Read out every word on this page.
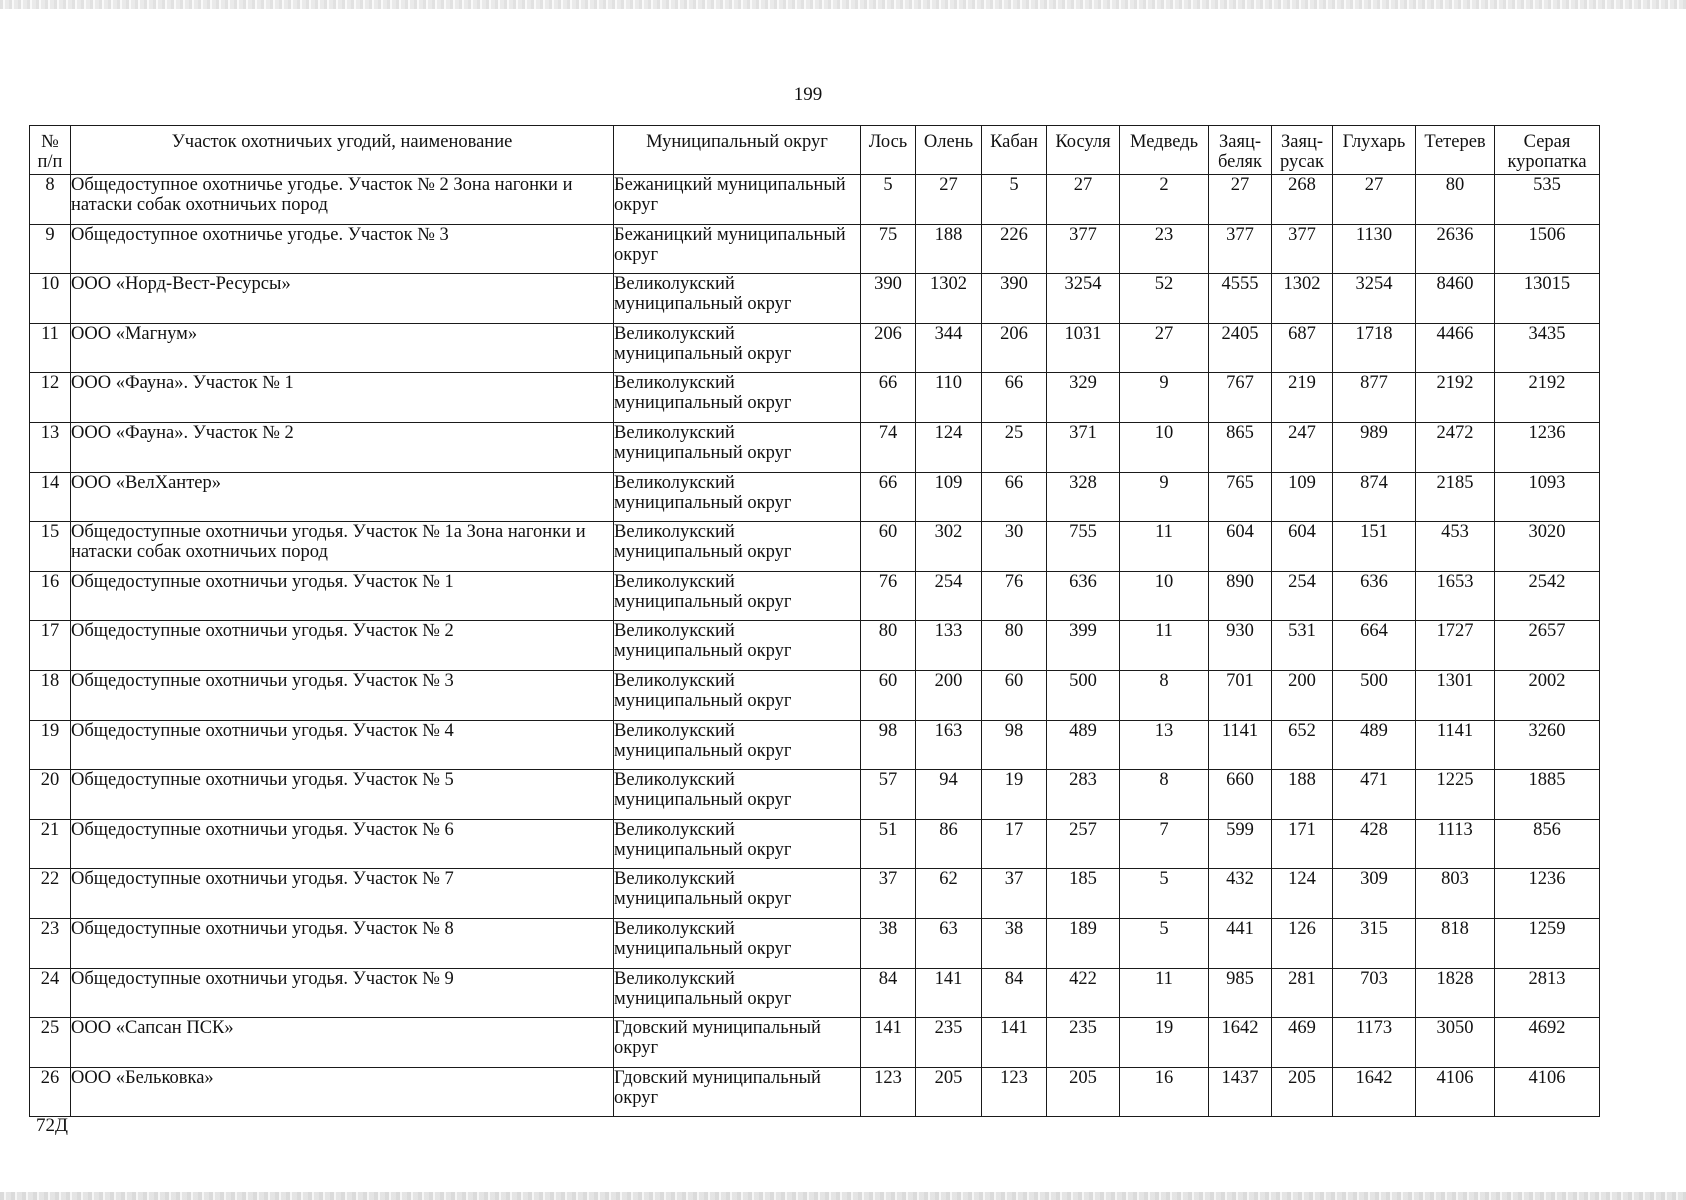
199
№ п/п	Участок охотничьих угодий, наименование	Муниципальный округ	Лось	Олень	Кабан	Косуля	Медведь	Заяц-беляк	Заяц-русак	Глухарь	Тетерев	Серая куропатка
8	Общедоступное охотничье угодье. Участок № 2 Зона нагонки и натаски собак охотничьих пород	Бежаницкий муниципальный округ	5	27	5	27	2	27	268	27	80	535
9	Общедоступное охотничье угодье. Участок № 3	Бежаницкий муниципальный округ	75	188	226	377	23	377	377	1130	2636	1506
10	ООО «Норд-Вест-Ресурсы»	Великолукский муниципальный округ	390	1302	390	3254	52	4555	1302	3254	8460	13015
11	ООО «Магнум»	Великолукский муниципальный округ	206	344	206	1031	27	2405	687	1718	4466	3435
12	ООО «Фауна». Участок № 1	Великолукский муниципальный округ	66	110	66	329	9	767	219	877	2192	2192
13	ООО «Фауна». Участок № 2	Великолукский муниципальный округ	74	124	25	371	10	865	247	989	2472	1236
14	ООО «ВелХантер»	Великолукский муниципальный округ	66	109	66	328	9	765	109	874	2185	1093
15	Общедоступные охотничьи угодья. Участок № 1а Зона нагонки и натаски собак охотничьих пород	Великолукский муниципальный округ	60	302	30	755	11	604	604	151	453	3020
16	Общедоступные охотничьи угодья. Участок № 1	Великолукский муниципальный округ	76	254	76	636	10	890	254	636	1653	2542
17	Общедоступные охотничьи угодья. Участок № 2	Великолукский муниципальный округ	80	133	80	399	11	930	531	664	1727	2657
18	Общедоступные охотничьи угодья. Участок № 3	Великолукский муниципальный округ	60	200	60	500	8	701	200	500	1301	2002
19	Общедоступные охотничьи угодья. Участок № 4	Великолукский муниципальный округ	98	163	98	489	13	1141	652	489	1141	3260
20	Общедоступные охотничьи угодья. Участок № 5	Великолукский муниципальный округ	57	94	19	283	8	660	188	471	1225	1885
21	Общедоступные охотничьи угодья. Участок № 6	Великолукский муниципальный округ	51	86	17	257	7	599	171	428	1113	856
22	Общедоступные охотничьи угодья. Участок № 7	Великолукский муниципальный округ	37	62	37	185	5	432	124	309	803	1236
23	Общедоступные охотничьи угодья. Участок № 8	Великолукский муниципальный округ	38	63	38	189	5	441	126	315	818	1259
24	Общедоступные охотничьи угодья. Участок № 9	Великолукский муниципальный округ	84	141	84	422	11	985	281	703	1828	2813
25	ООО «Сапсан ПСК»	Гдовский муниципальный округ	141	235	141	235	19	1642	469	1173	3050	4692
26	ООО «Бельковка»	Гдовский муниципальный округ	123	205	123	205	16	1437	205	1642	4106	4106
72Д
